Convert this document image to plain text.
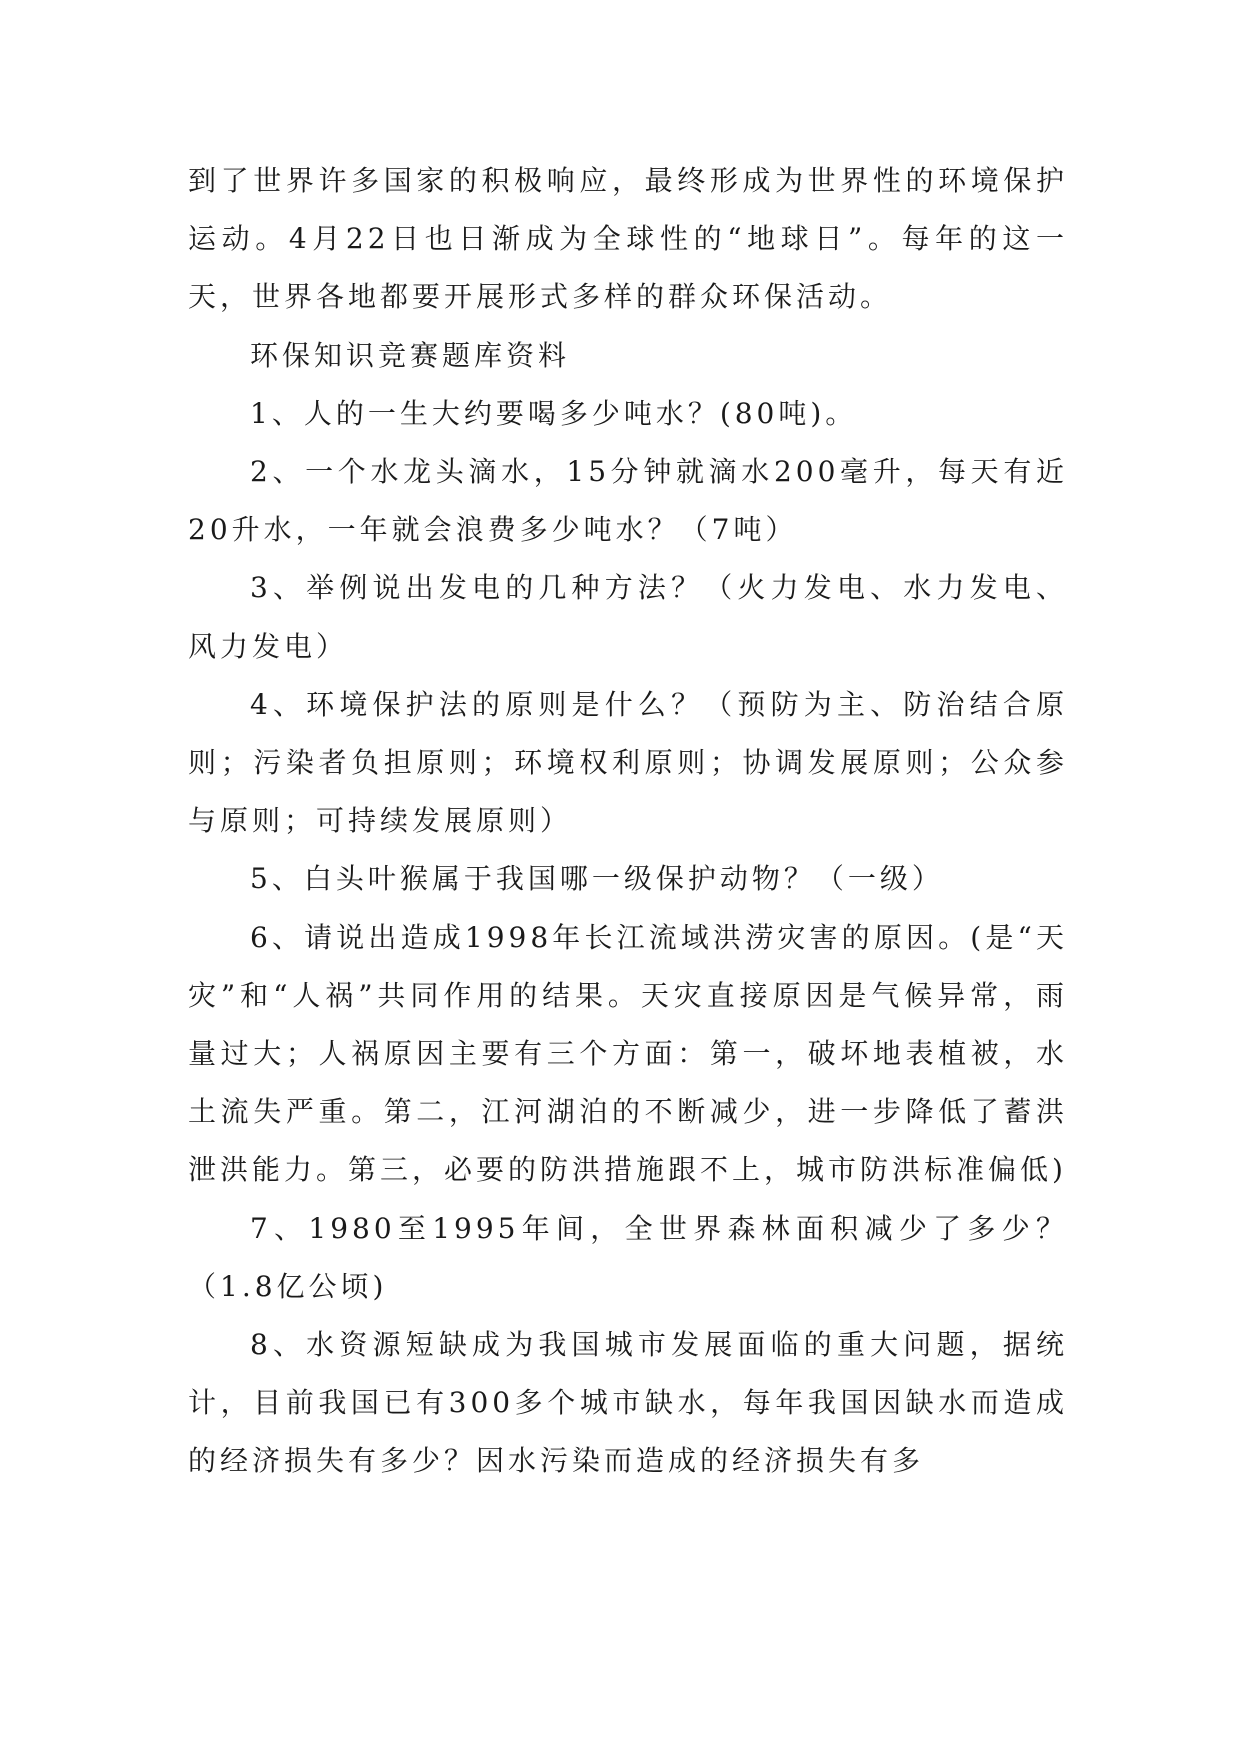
到了世界许多国家的积极响应，最终形成为世界性的环境保护运动。4月22日也日渐成为全球性的“地球日”。每年的这一天，世界各地都要开展形式多样的群众环保活动。

环保知识竞赛题库资料

1、人的一生大约要喝多少吨水？(80吨)。

2、一个水龙头滴水，15分钟就滴水200毫升，每天有近20升水，一年就会浪费多少吨水？（7吨）

3、举例说出发电的几种方法？（火力发电、水力发电、风力发电）

4、环境保护法的原则是什么？（预防为主、防治结合原则；污染者负担原则；环境权利原则；协调发展原则；公众参与原则；可持续发展原则）

5、白头叶猴属于我国哪一级保护动物？（一级）

6、请说出造成1998年长江流域洪涝灾害的原因。(是“天灾”和“人祸”共同作用的结果。天灾直接原因是气候异常，雨量过大；人祸原因主要有三个方面：第一，破坏地表植被，水土流失严重。第二，江河湖泊的不断减少，进一步降低了蓄洪泄洪能力。第三，必要的防洪措施跟不上，城市防洪标准偏低)

7、1980至1995年间，全世界森林面积减少了多少？（1.8亿公顷)

8、水资源短缺成为我国城市发展面临的重大问题，据统计，目前我国已有300多个城市缺水，每年我国因缺水而造成的经济损失有多少？因水污染而造成的经济损失有多
